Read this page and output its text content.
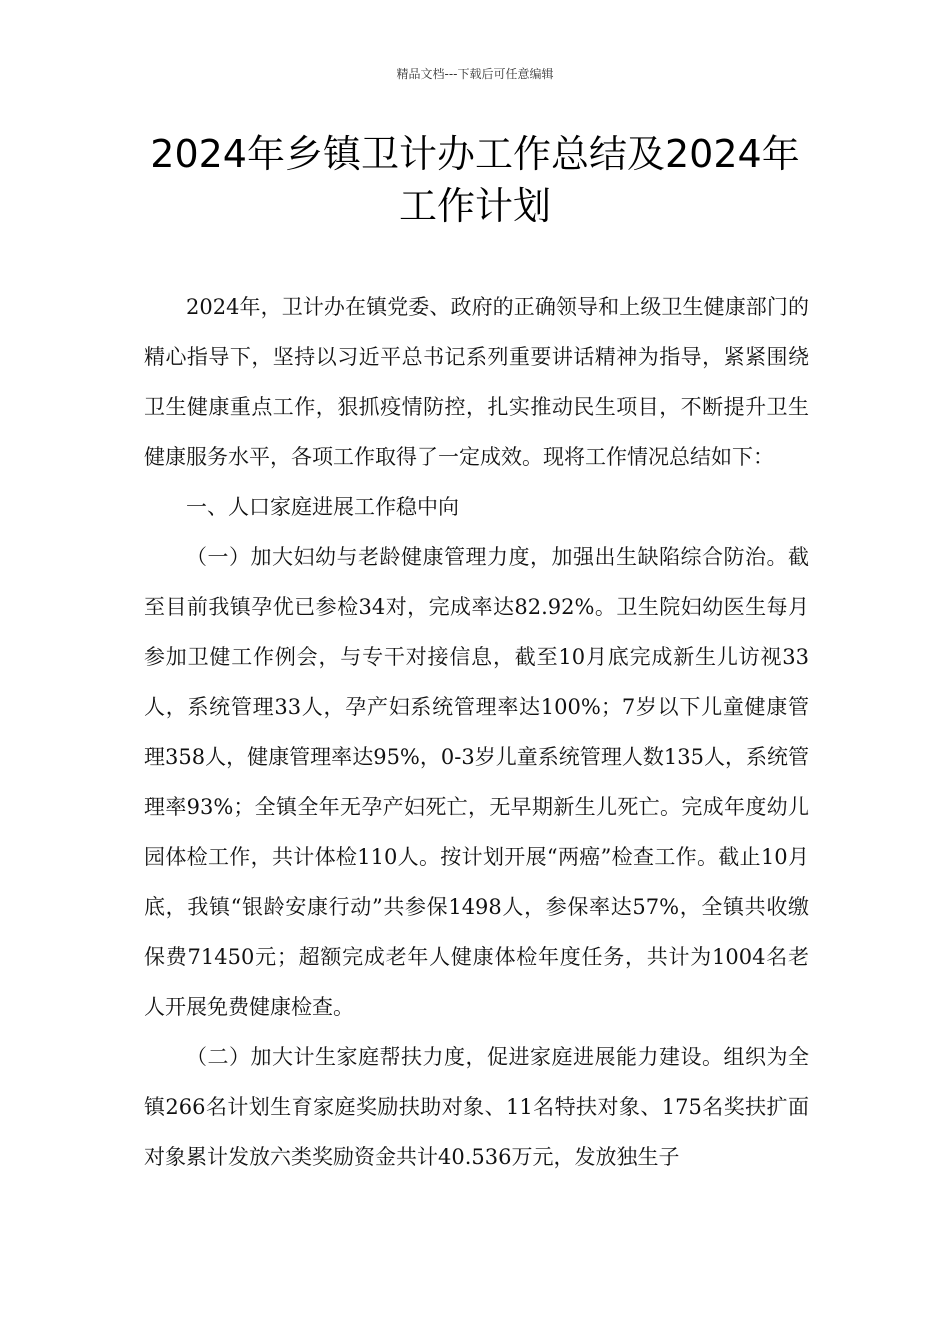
精品文档---下载后可任意编辑
2024年乡镇卫计办工作总结及2024年
工作计划

2024年，卫计办在镇党委、政府的正确领导和上级卫生健康部门的精心指导下，坚持以习近平总书记系列重要讲话精神为指导，紧紧围绕卫生健康重点工作，狠抓疫情防控，扎实推动民生项目，不断提升卫生健康服务水平，各项工作取得了一定成效。现将工作情况总结如下：

一、人口家庭进展工作稳中向

（一）加大妇幼与老龄健康管理力度，加强出生缺陷综合防治。截至目前我镇孕优已参检34对，完成率达82.92%。卫生院妇幼医生每月参加卫健工作例会，与专干对接信息，截至10月底完成新生儿访视33人，系统管理33人，孕产妇系统管理率达100%；7岁以下儿童健康管理358人，健康管理率达95%，0-3岁儿童系统管理人数135人，系统管理率93%；全镇全年无孕产妇死亡，无早期新生儿死亡。完成年度幼儿园体检工作，共计体检110人。按计划开展“两癌”检查工作。截止10月底，我镇“银龄安康行动”共参保1498人，参保率达57%，全镇共收缴保费71450元；超额完成老年人健康体检年度任务，共计为1004名老人开展免费健康检查。

（二）加大计生家庭帮扶力度，促进家庭进展能力建设。组织为全镇266名计划生育家庭奖励扶助对象、11名特扶对象、175名奖扶扩面对象累计发放六类奖励资金共计40.536万元，发放独生子
